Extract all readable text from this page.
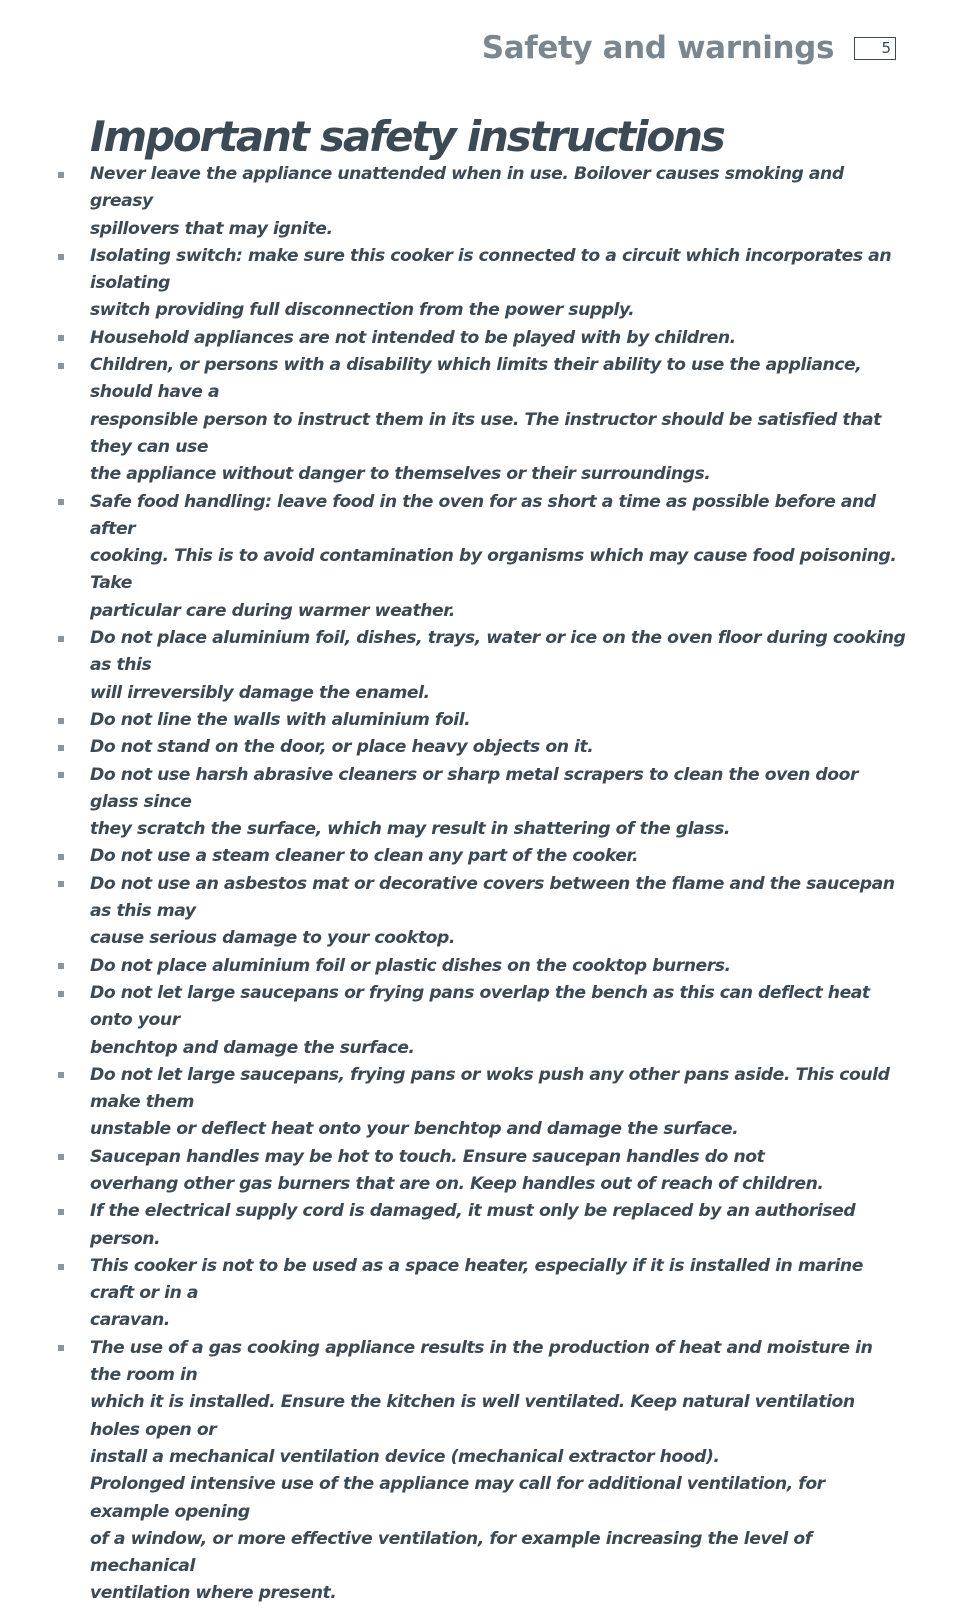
Safety and warnings	5
Important safety instructions
Never leave the appliance unattended when in use. Boilover causes smoking and greasy
spillovers that may ignite.
Isolating switch: make sure this cooker is connected to a circuit which incorporates an isolating
switch providing full disconnection from the power supply.
Household appliances are not intended to be played with by children.
Children, or persons with a disability which limits their ability to use the appliance, should have a
responsible person to instruct them in its use. The instructor should be satisfied that they can use
the appliance without danger to themselves or their surroundings.
Safe food handling: leave food in the oven for as short a time as possible before and after
cooking. This is to avoid contamination by organisms which may cause food poisoning. Take
particular care during warmer weather.
Do not place aluminium foil, dishes, trays, water or ice on the oven floor during cooking as this
will irreversibly damage the enamel.
Do not line the walls with aluminium foil.
Do not stand on the door, or place heavy objects on it.
Do not use harsh abrasive cleaners or sharp metal scrapers to clean the oven door glass since
they scratch the surface, which may result in shattering of the glass.
Do not use a steam cleaner to clean any part of the cooker.
Do not use an asbestos mat or decorative covers between the flame and the saucepan as this may
cause serious damage to your cooktop.
Do not place aluminium foil or plastic dishes on the cooktop burners.
Do not let large saucepans or frying pans overlap the bench as this can deflect heat onto your
benchtop and damage the surface.
Do not let large saucepans, frying pans or woks push any other pans aside. This could make them
unstable or deflect heat onto your benchtop and damage the surface.
Saucepan handles may be hot to touch. Ensure saucepan handles do not
overhang other gas burners that are on. Keep handles out of reach of children.
If the electrical supply cord is damaged, it must only be replaced by an authorised person.
This cooker is not to be used as a space heater, especially if it is installed in marine craft or in a
caravan.
The use of a gas cooking appliance results in the production of heat and moisture in the room in
which it is installed. Ensure the kitchen is well ventilated. Keep natural ventilation holes open or
install a mechanical ventilation device (mechanical extractor hood).
Prolonged intensive use of the appliance may call for additional ventilation, for example opening
of a window, or more effective ventilation, for example increasing the level of mechanical
ventilation where present.
